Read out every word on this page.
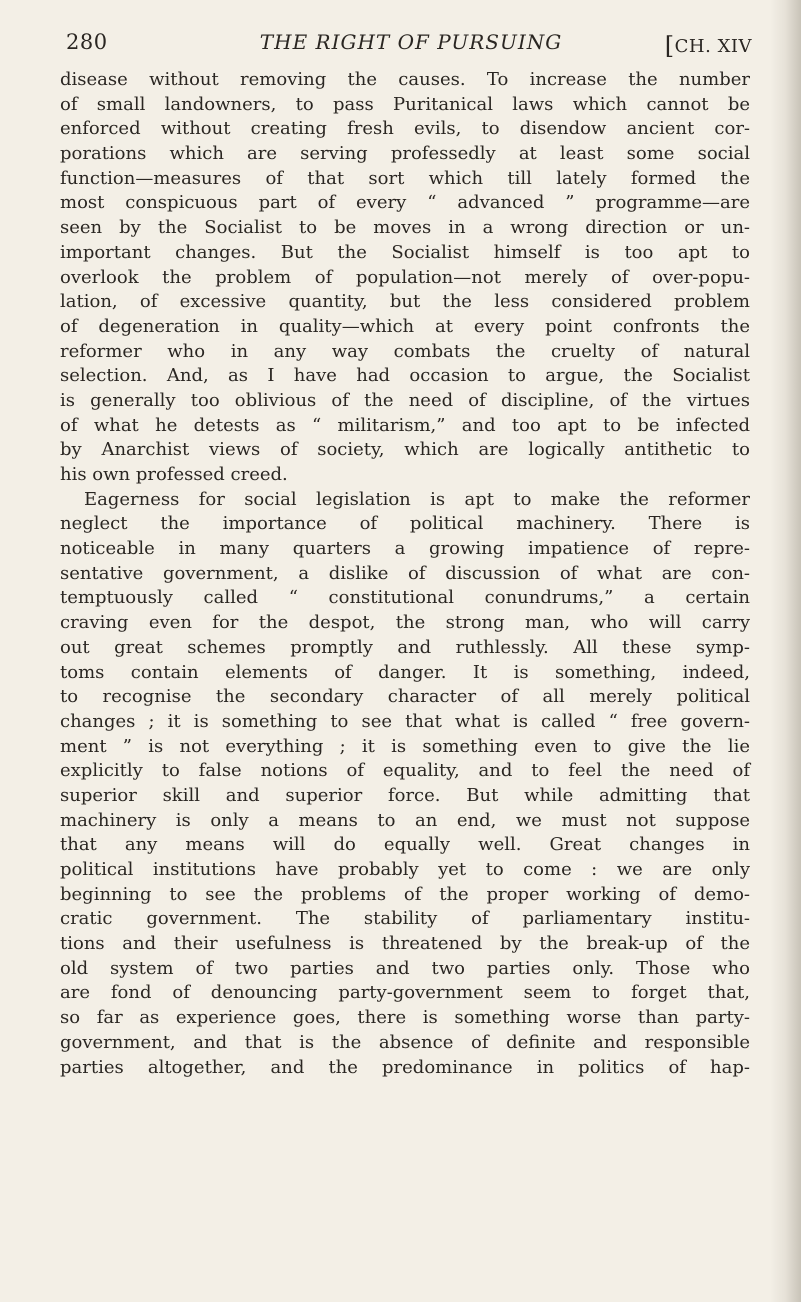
280	THE RIGHT OF PURSUING	[CH. XIV
disease without removing the causes. To increase the number
of small landowners, to pass Puritanical laws which cannot be
enforced without creating fresh evils, to disendow ancient cor-
porations which are serving professedly at least some social
function—measures of that sort which till lately formed the
most conspicuous part of every “ advanced ” programme—are
seen by the Socialist to be moves in a wrong direction or un-
important changes. But the Socialist himself is too apt to
overlook the problem of population—not merely of over-popu-
lation, of excessive quantity, but the less considered problem
of degeneration in quality—which at every point confronts the
reformer who in any way combats the cruelty of natural
selection. And, as I have had occasion to argue, the Socialist
is generally too oblivious of the need of discipline, of the virtues
of what he detests as “ militarism,” and too apt to be infected
by Anarchist views of society, which are logically antithetic to
his own professed creed.
Eagerness for social legislation is apt to make the reformer
neglect the importance of political machinery. There is
noticeable in many quarters a growing impatience of repre-
sentative government, a dislike of discussion of what are con-
temptuously called “ constitutional conundrums,” a certain
craving even for the despot, the strong man, who will carry
out great schemes promptly and ruthlessly. All these symp-
toms contain elements of danger. It is something, indeed,
to recognise the secondary character of all merely political
changes ; it is something to see that what is called “ free govern-
ment ” is not everything ; it is something even to give the lie
explicitly to false notions of equality, and to feel the need of
superior skill and superior force. But while admitting that
machinery is only a means to an end, we must not suppose
that any means will do equally well. Great changes in
political institutions have probably yet to come : we are only
beginning to see the problems of the proper working of demo-
cratic government. The stability of parliamentary institu-
tions and their usefulness is threatened by the break-up of the
old system of two parties and two parties only. Those who
are fond of denouncing party-government seem to forget that,
so far as experience goes, there is something worse than party-
government, and that is the absence of definite and responsible
parties altogether, and the predominance in politics of hap-
